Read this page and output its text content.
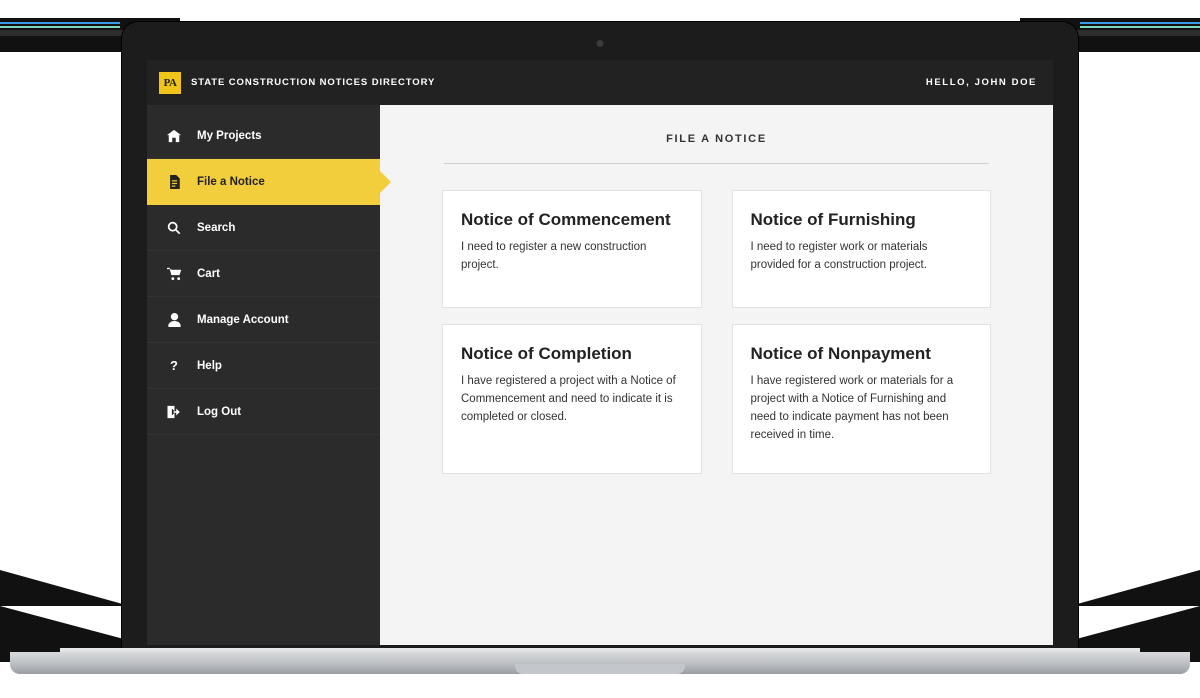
PA	STATE CONSTRUCTION NOTICES DIRECTORY	HELLO, JOHN DOE
My Projects
File a Notice
Search
Cart
Manage Account
?	Help
Log Out
FILE A NOTICE
Notice of Commencement

I need to register a new construction project.

Notice of Furnishing

I need to register work or materials provided for a construction project.

Notice of Completion

I have registered a project with a Notice of Commencement and need to indicate it is completed or closed.

Notice of Nonpayment

I have registered work or materials for a project with a Notice of Furnishing and need to indicate payment has not been received in time.
